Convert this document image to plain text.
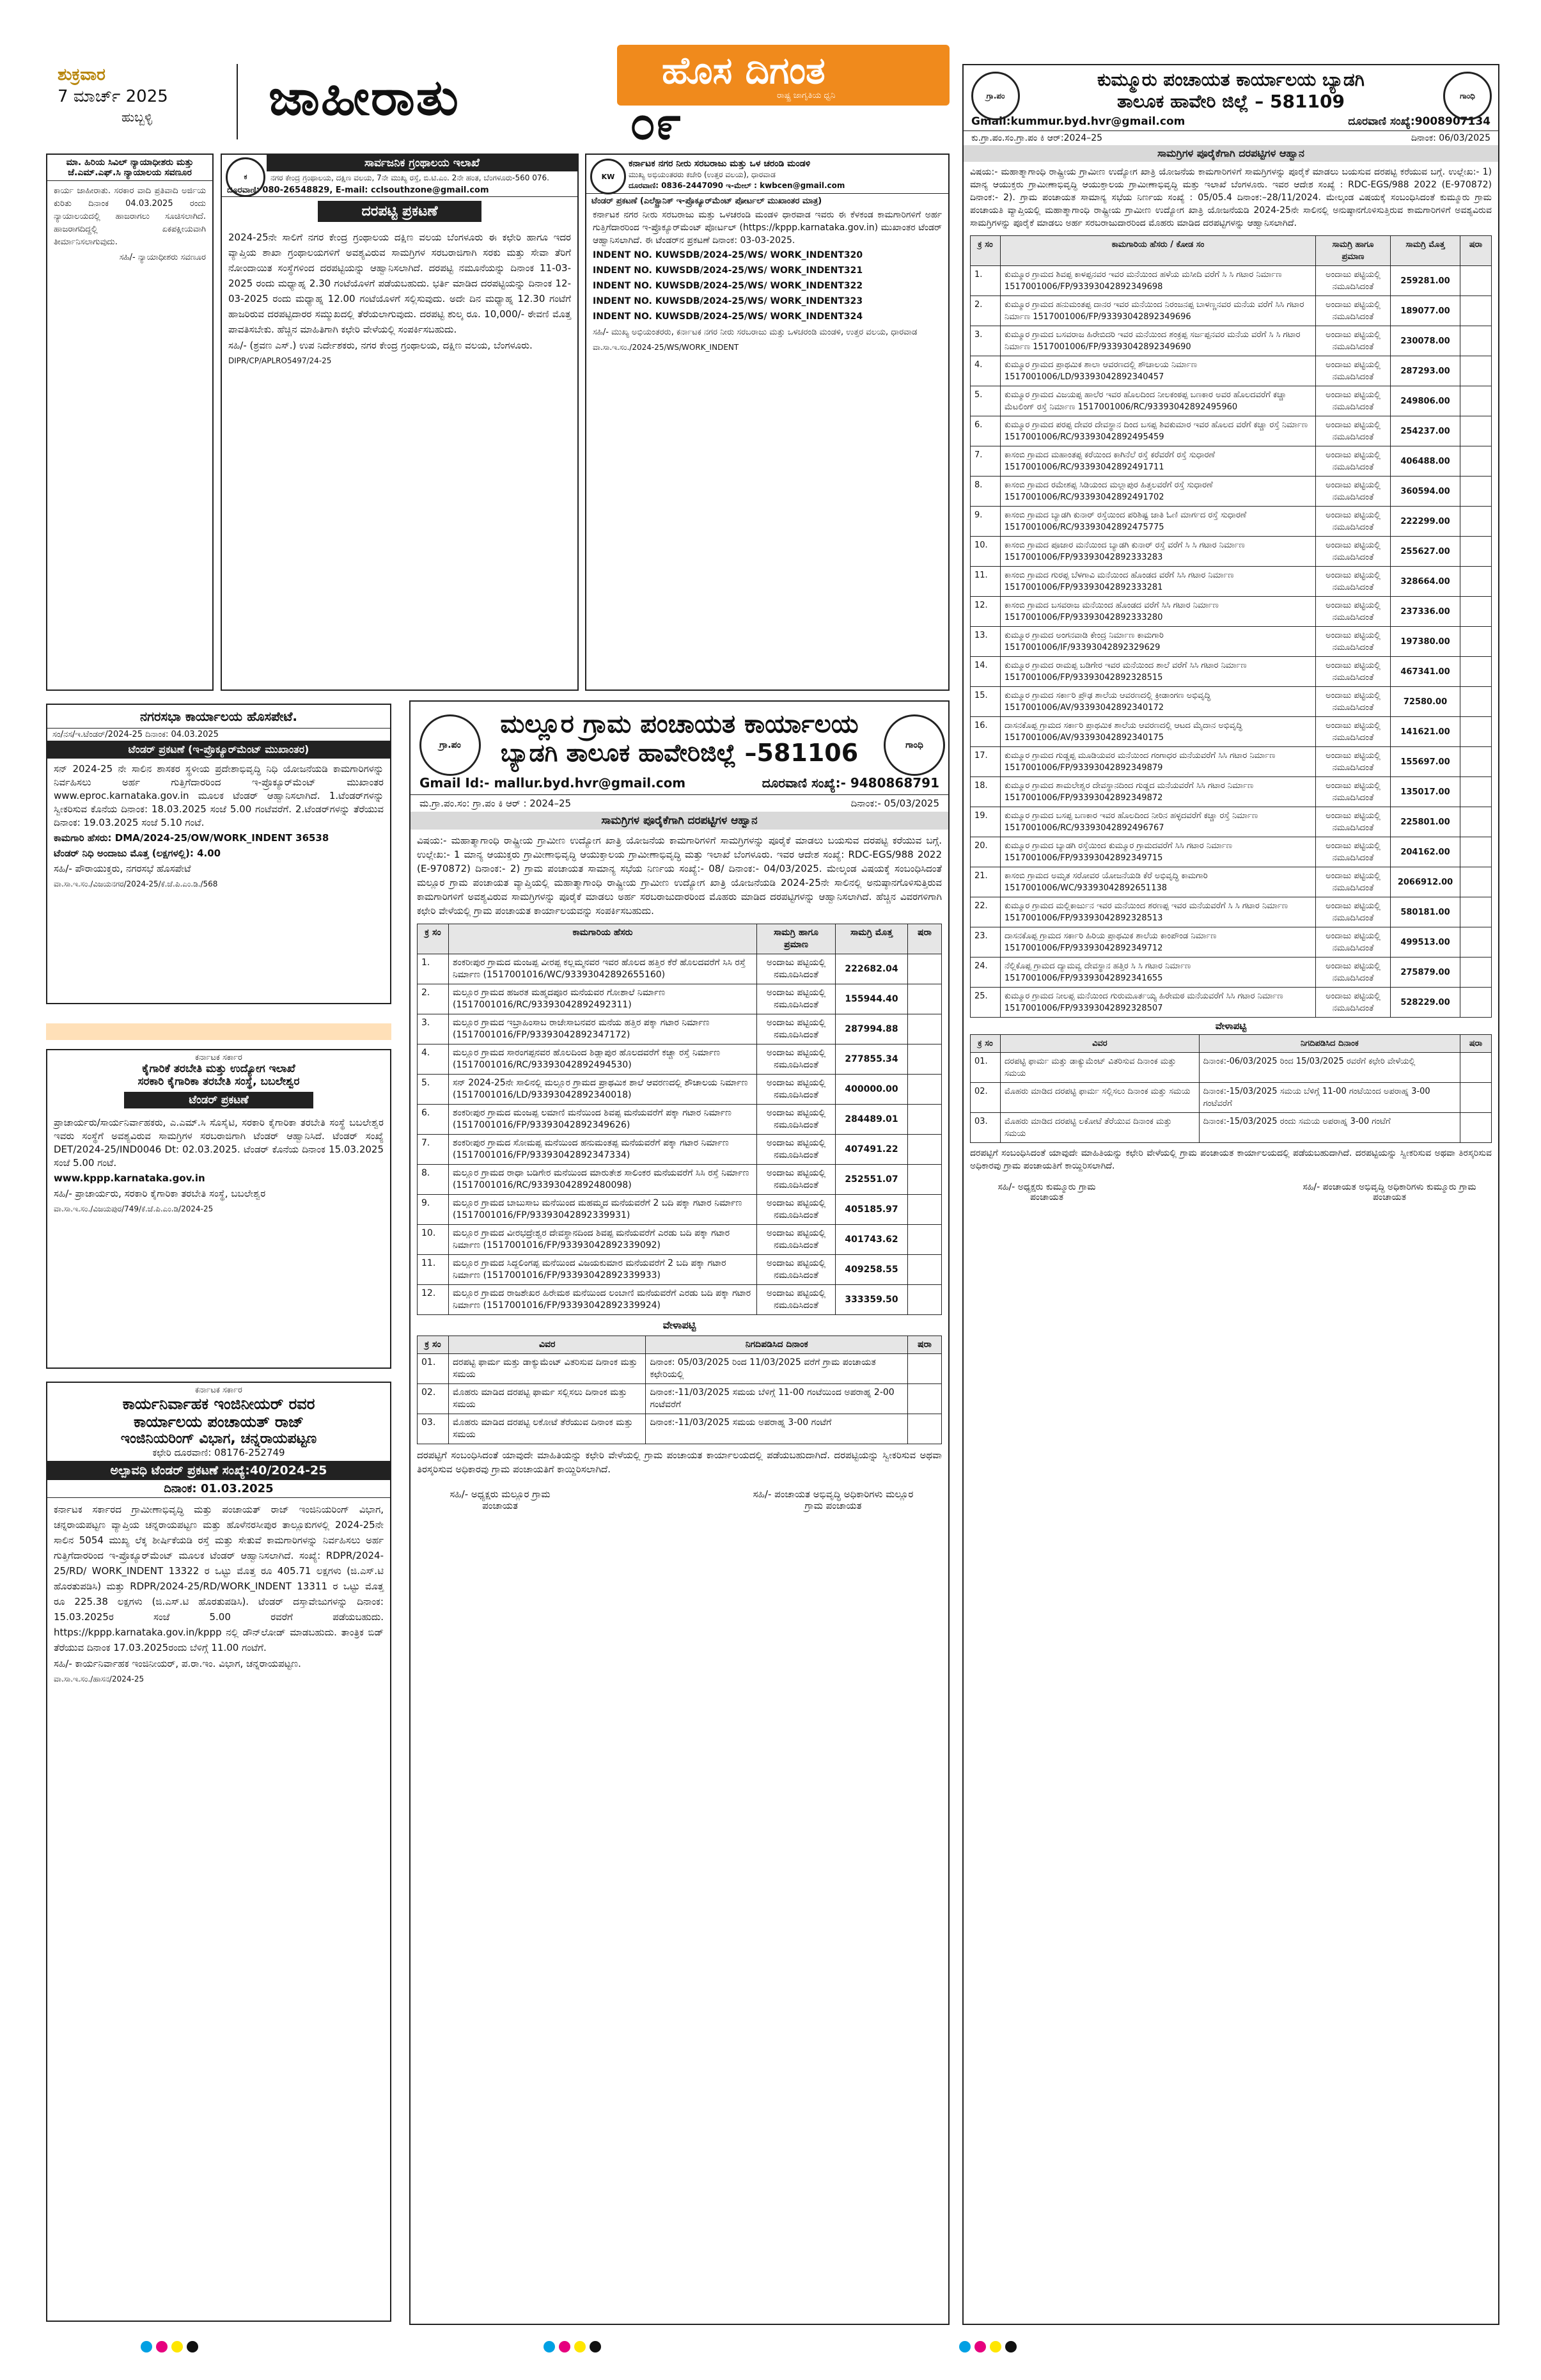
ಶುಕ್ರವಾರ
7 ಮಾರ್ಚ್ 2025
ಹುಬ್ಬಳ್ಳಿ	ಜಾಹೀರಾತು	ಹೊಸ ದಿಗಂತ
ರಾಷ್ಟ್ರ ಜಾಗೃತಿಯ ಧ್ವನಿ
೦೯
ಮಾ. ಹಿರಿಯ ಸಿವಿಲ್ ನ್ಯಾಯಾಧೀಶರು ಮತ್ತು
ಜೆ.ಎಮ್.ಎಫ್.ಸಿ ನ್ಯಾಯಾಲಯ ಸವಣೂರ

ಕಾರ್ಯ ಜಾಹೀರಾತು. ಸರಕಾರ ವಾದಿ ಪ್ರತಿವಾದಿ ಅರ್ಜಿಯ ಕುರಿತು ದಿನಾಂಕ 04.03.2025 ರಂದು ನ್ಯಾಯಾಲಯದಲ್ಲಿ ಹಾಜರಾಗಲು ಸೂಚಿಸಲಾಗಿದೆ. ಹಾಜರಾಗದಿದ್ದಲ್ಲಿ ಏಕಪಕ್ಷೀಯವಾಗಿ ತೀರ್ಮಾನಿಸಲಾಗುವುದು.

ಸಹಿ/- ನ್ಯಾಯಾಧೀಶರು ಸವಣೂರ

ನಗರಸಭಾ ಕಾರ್ಯಾಲಯ ಹೊಸಪೇಟೆ.
ಸಂ/ನಸ/ಇ.ಟೆಂಡರ್/2024-25 ದಿನಾಂಕ: 04.03.2025
ಟೆಂಡರ್ ಪ್ರಕಟಣೆ (ಇ-ಪ್ರೊಕ್ಯೂರ್‌ಮೆಂಟ್ ಮುಖಾಂತರ)

ಸನ್ 2024-25 ನೇ ಸಾಲಿನ ಶಾಸಕರ ಸ್ಥಳೀಯ ಪ್ರದೇಶಾಭಿವೃದ್ಧಿ ನಿಧಿ ಯೋಜನೆಯಡಿ ಕಾಮಗಾರಿಗಳನ್ನು ನಿರ್ವಹಿಸಲು ಅರ್ಹ ಗುತ್ತಿಗೆದಾರರಿಂದ ಇ-ಪ್ರೊಕ್ಯೂರ್‌ಮೆಂಟ್ ಮುಖಾಂತರ www.eproc.karnataka.gov.in ಮೂಲಕ ಟೆಂಡರ್ ಆಹ್ವಾನಿಸಲಾಗಿದೆ. 1.ಟೆಂಡರ್‌ಗಳನ್ನು ಸ್ವೀಕರಿಸುವ ಕೊನೆಯ ದಿನಾಂಕ: 18.03.2025 ಸಂಜೆ 5.00 ಗಂಟೆವರೆಗೆ. 2.ಟೆಂಡರ್‌ಗಳನ್ನು ತೆರೆಯುವ ದಿನಾಂಕ: 19.03.2025 ಸಂಜೆ 5.10 ಗಂಟೆ.

ಕಾಮಗಾರಿ ಹೆಸರು: DMA/2024-25/OW/WORK_INDENT 36538

ಟೆಂಡರ್ ನಿಧಿ ಅಂದಾಜು ಮೊತ್ತ (ಲಕ್ಷಗಳಲ್ಲಿ): 4.00

ಸಹಿ/- ಪೌರಾಯುಕ್ತರು, ನಗರಸಭೆ ಹೊಸಪೇಟೆ

ವಾ.ಸಾ.ಇ.ಸಂ./ವಿಜಯನಗರ/2024-25/ಕೆ.ಜೆ.ಪಿ.ಎಂ.ಡಿ./568

ಕರ್ನಾಟಕ ಸರ್ಕಾರ
ಕೈಗಾರಿಕೆ ತರಬೇತಿ ಮತ್ತು ಉದ್ಯೋಗ ಇಲಾಖೆ
ಸರಕಾರಿ ಕೈಗಾರಿಕಾ ತರಬೇತಿ ಸಂಸ್ಥೆ, ಬಬಲೇಶ್ವರ
ಟೆಂಡರ್ ಪ್ರಕಟಣೆ

ಪ್ರಾಚಾರ್ಯರು/ಸಾರ್ಯನಿರ್ವಾಹಕರು, ಎ.ಎಮ್.ಸಿ ಸೊಸೈಟಿ, ಸರಕಾರಿ ಕೈಗಾರಿಕಾ ತರಬೇತಿ ಸಂಸ್ಥೆ ಬಬಲೇಶ್ವರ ಇವರು ಸಂಸ್ಥೆಗೆ ಅವಶ್ಯವಿರುವ ಸಾಮಗ್ರಿಗಳ ಸರಬರಾಜಿಗಾಗಿ ಟೆಂಡರ್ ಆಹ್ವಾನಿಸಿದೆ. ಟೆಂಡರ್ ಸಂಖ್ಯೆ DET/2024-25/IND0046 Dt: 02.03.2025. ಟೆಂಡರ್ ಕೊನೆಯ ದಿನಾಂಕ 15.03.2025 ಸಂಜೆ 5.00 ಗಂಟೆ.

www.kppp.karnataka.gov.in

ಸಹಿ/- ಪ್ರಾಚಾರ್ಯರು, ಸರಕಾರಿ ಕೈಗಾರಿಕಾ ತರಬೇತಿ ಸಂಸ್ಥೆ, ಬಬಲೇಶ್ವರ

ವಾ.ಸಾ.ಇ.ಸಂ./ವಿಜಯಪುರ/749/ಕೆ.ಜೆ.ಪಿ.ಎಂ.ಡಿ/2024-25

ಕರ್ನಾಟಕ ಸರ್ಕಾರ
ಕಾರ್ಯನಿರ್ವಾಹಕ ಇಂಜಿನೀಯರ್ ರವರ
ಕಾರ್ಯಾಲಯ ಪಂಚಾಯತ್ ರಾಜ್
ಇಂಜಿನಿಯರಿಂಗ್ ವಿಭಾಗ, ಚನ್ನರಾಯಪಟ್ಟಣ
ಕಛೇರಿ ದೂರವಾಣಿ: 08176-252749
ಅಲ್ಪಾವಧಿ ಟೆಂಡರ್ ಪ್ರಕಟಣೆ ಸಂಖ್ಯೆ:40/2024-25
ದಿನಾಂಕ: 01.03.2025

ಕರ್ನಾಟಕ ಸರ್ಕಾರದ ಗ್ರಾಮೀಣಾಭಿವೃದ್ಧಿ ಮತ್ತು ಪಂಚಾಯತ್ ರಾಜ್ ಇಂಜಿನಿಯರಿಂಗ್ ವಿಭಾಗ, ಚನ್ನರಾಯಪಟ್ಟಣ ವ್ಯಾಪ್ತಿಯ ಚನ್ನರಾಯಪಟ್ಟಣ ಮತ್ತು ಹೊಳೆನರಸೀಪುರ ತಾಲ್ಲೂಕುಗಳಲ್ಲಿ 2024-25ನೇ ಸಾಲಿನ 5054 ಮುಖ್ಯ ಲೆಕ್ಕ ಶೀರ್ಷಿಕೆಯಡಿ ರಸ್ತೆ ಮತ್ತು ಸೇತುವೆ ಕಾಮಗಾರಿಗಳನ್ನು ನಿರ್ವಹಿಸಲು ಅರ್ಹ ಗುತ್ತಿಗೆದಾರರಿಂದ ಇ-ಪ್ರೊಕ್ಯೂರ್‌ಮೆಂಟ್ ಮೂಲಕ ಟೆಂಡರ್ ಆಹ್ವಾನಿಸಲಾಗಿದೆ. ಸಂಖ್ಯೆ: RDPR/2024-25/RD/ WORK_INDENT 13322 ರ ಒಟ್ಟು ಮೊತ್ತ ರೂ 405.71 ಲಕ್ಷಗಳು (ಜಿ.ಎಸ್.ಟಿ ಹೊರತುಪಡಿಸಿ) ಮತ್ತು RDPR/2024-25/RD/WORK_INDENT 13311 ರ ಒಟ್ಟು ಮೊತ್ತ ರೂ 225.38 ಲಕ್ಷಗಳು (ಜಿ.ಎಸ್.ಟಿ ಹೊರತುಪಡಿಸಿ). ಟೆಂಡರ್ ದಸ್ತಾವೇಜುಗಳನ್ನು ದಿನಾಂಕ: 15.03.2025ರ ಸಂಜೆ 5.00 ರವರೆಗೆ ಪಡೆಯಬಹುದು. https://kppp.karnataka.gov.in/kppp ನಲ್ಲಿ ಡೌನ್‌ಲೋಡ್ ಮಾಡಬಹುದು. ತಾಂತ್ರಿಕ ಬಿಡ್ ತೆರೆಯುವ ದಿನಾಂಕ 17.03.2025ರಂದು ಬೆಳಿಗ್ಗೆ 11.00 ಗಂಟೆಗೆ.

ಸಹಿ/- ಕಾರ್ಯನಿರ್ವಾಹಕ ಇಂಜಿನೀಯರ್, ಪ.ರಾ.ಇಂ. ವಿಭಾಗ, ಚನ್ನರಾಯಪಟ್ಟಣ.

ವಾ.ಸಾ.ಇ.ಸಂ./ಹಾಸನ/2024-25

ಸಾರ್ವಜನಿಕ ಗ್ರಂಥಾಲಯ ಇಲಾಖೆ
ಕ	ನಗರ ಕೇಂದ್ರ ಗ್ರಂಥಾಲಯ, ದಕ್ಷಿಣ ವಲಯ, 7ನೇ ಮುಖ್ಯ ರಸ್ತೆ, ಬಿ.ಟಿ.ಎಂ. 2ನೇ ಹಂತ, ಬೆಂಗಳೂರು-560 076.
ದೂರವಾಣಿ: 080-26548829, E-mail: cclsouthzone@gmail.com
ದರಪಟ್ಟಿ ಪ್ರಕಟಣೆ

2024-25ನೇ ಸಾಲಿಗೆ ನಗರ ಕೇಂದ್ರ ಗ್ರಂಥಾಲಯ ದಕ್ಷಿಣ ವಲಯ ಬೆಂಗಳೂರು ಈ ಕಛೇರಿ ಹಾಗೂ ಇದರ ವ್ಯಾಪ್ತಿಯ ಶಾಖಾ ಗ್ರಂಥಾಲಯಗಳಿಗೆ ಅವಶ್ಯವಿರುವ ಸಾಮಗ್ರಿಗಳ ಸರಬರಾಜಿಗಾಗಿ ಸರಕು ಮತ್ತು ಸೇವಾ ತೆರಿಗೆ ನೋಂದಾಯಿತ ಸಂಸ್ಥೆಗಳಿಂದ ದರಪಟ್ಟಿಯನ್ನು ಆಹ್ವಾನಿಸಲಾಗಿದೆ. ದರಪಟ್ಟಿ ನಮೂನೆಯನ್ನು ದಿನಾಂಕ 11-03-2025 ರಂದು ಮಧ್ಯಾಹ್ನ 2.30 ಗಂಟೆಯೊಳಗೆ ಪಡೆಯಬಹುದು. ಭರ್ತಿ ಮಾಡಿದ ದರಪಟ್ಟಿಯನ್ನು ದಿನಾಂಕ 12-03-2025 ರಂದು ಮಧ್ಯಾಹ್ನ 12.00 ಗಂಟೆಯೊಳಗೆ ಸಲ್ಲಿಸುವುದು. ಅದೇ ದಿನ ಮಧ್ಯಾಹ್ನ 12.30 ಗಂಟೆಗೆ ಹಾಜರಿರುವ ದರಪಟ್ಟಿದಾರರ ಸಮ್ಮುಖದಲ್ಲಿ ತೆರೆಯಲಾಗುವುದು. ದರಪಟ್ಟಿ ಶುಲ್ಕ ರೂ. 10,000/- ಠೇವಣಿ ಮೊತ್ತ ಪಾವತಿಸಬೇಕು. ಹೆಚ್ಚಿನ ಮಾಹಿತಿಗಾಗಿ ಕಛೇರಿ ವೇಳೆಯಲ್ಲಿ ಸಂಪರ್ಕಿಸಬಹುದು.

ಸಹಿ/- (ಶ್ರವಣ ಎಸ್.) ಉಪ ನಿರ್ದೇಶಕರು, ನಗರ ಕೇಂದ್ರ ಗ್ರಂಥಾಲಯ, ದಕ್ಷಿಣ ವಲಯ, ಬೆಂಗಳೂರು.

DIPR/CP/APLRO5497/24-25

KW
ಕರ್ನಾಟಕ ನಗರ ನೀರು ಸರಬರಾಜು ಮತ್ತು ಒಳ ಚರಂಡಿ ಮಂಡಳಿ
ಮುಖ್ಯ ಅಭಿಯಂತರರು ಕಚೇರಿ (ಉತ್ತರ ವಲಯ), ಧಾರವಾಡ
ದೂರವಾಣಿ: 0836-2447090 ಇ-ಮೇಲ್ : kwbcen@gmail.com
ಟೆಂಡರ್ ಪ್ರಕಟಣೆ (ಎಲೆಕ್ಟ್ರಾನಿಕ್ ಇ-ಪ್ರೊಕ್ಯೂರ್‌ಮೆಂಟ್ ಪೋರ್ಟಲ್ ಮುಖಾಂತರ ಮಾತ್ರ)

ಕರ್ನಾಟಕ ನಗರ ನೀರು ಸರಬರಾಜು ಮತ್ತು ಒಳಚರಂಡಿ ಮಂಡಳಿ ಧಾರವಾಡ ಇವರು ಈ ಕೆಳಕಂಡ ಕಾಮಗಾರಿಗಳಿಗೆ ಅರ್ಹ ಗುತ್ತಿಗೆದಾರರಿಂದ ಇ-ಪ್ರೊಕ್ಯೂರ್‌ಮೆಂಟ್ ಪೋರ್ಟಲ್ (https://kppp.karnataka.gov.in) ಮುಖಾಂತರ ಟೆಂಡರ್ ಆಹ್ವಾನಿಸಲಾಗಿದೆ. ಈ ಟೆಂಡರ್‌ನ ಪ್ರಕಟಣೆ ದಿನಾಂಕ: 03-03-2025.

INDENT NO. KUWSDB/2024-25/WS/ WORK_INDENT320

INDENT NO. KUWSDB/2024-25/WS/ WORK_INDENT321

INDENT NO. KUWSDB/2024-25/WS/ WORK_INDENT322

INDENT NO. KUWSDB/2024-25/WS/ WORK_INDENT323

INDENT NO. KUWSDB/2024-25/WS/ WORK_INDENT324

ಸಹಿ/- ಮುಖ್ಯ ಅಭಿಯಂತರರು, ಕರ್ನಾಟಕ ನಗರ ನೀರು ಸರಬರಾಜು ಮತ್ತು ಒಳಚರಂಡಿ ಮಂಡಳಿ, ಉತ್ತರ ವಲಯ, ಧಾರವಾಡ

ವಾ.ಸಾ.ಇ.ಸಂ./2024-25/WS/WORK_INDENT

ಗ್ರಾ.ಪಂ	ಗಾಂಧಿ
ಮಲ್ಲೂರ ಗ್ರಾಮ ಪಂಚಾಯತ ಕಾರ್ಯಾಲಯ
ಬ್ಯಾಡಗಿ ತಾಲೂಕ ಹಾವೇರಿಜಿಲ್ಲೆ –581106
Gmail Id:- mallur.byd.hvr@gmail.com	ದೂರವಾಣಿ ಸಂಖ್ಯೆ:- 9480868791
ಮ.ಗ್ರಾ.ಪಂ.ಸಂ: ಗ್ರಾ.ಪಂ ಕಿ ಆರ್ : 2024–25	ದಿನಾಂಕ:- 05/03/2025
ಸಾಮಗ್ರಿಗಳ ಪೂರೈಕೆಗಾಗಿ ದರಪಟ್ಟಿಗಳ ಆಹ್ವಾನ

ವಿಷಯ:- ಮಹಾತ್ಮಾಗಾಂಧಿ ರಾಷ್ಟ್ರೀಯ ಗ್ರಾಮೀಣ ಉದ್ಯೋಗ ಖಾತ್ರಿ ಯೋಜನೆಯ ಕಾಮಗಾರಿಗಳಿಗೆ ಸಾಮಗ್ರಿಗಳನ್ನು ಪೂರೈಕೆ ಮಾಡಲು ಬಯಸುವ ದರಪಟ್ಟಿ ಕರೆಯುವ ಬಗ್ಗೆ. ಉಲ್ಲೇಖ:- 1 ಮಾನ್ಯ ಆಯುಕ್ತರು ಗ್ರಾಮೀಣಾಭಿವೃದ್ಧಿ ಆಯುಕ್ತಾಲಯ ಗ್ರಾಮೀಣಾಭಿವೃದ್ಧಿ ಮತ್ತು ಇಲಾಖೆ ಬೆಂಗಳೂರು. ಇವರ ಆದೇಶ ಸಂಖ್ಯೆ: RDC-EGS/988 2022 (E-970872) ದಿನಾಂಕ:- 2) ಗ್ರಾಮ ಪಂಚಾಯತ ಸಾಮಾನ್ಯ ಸಭೆಯ ನಿರ್ಣಯ ಸಂಖ್ಯೆ:- 08/ ದಿನಾಂಕ:- 04/03/2025. ಮೇಲ್ಕಂಡ ವಿಷಯಕ್ಕೆ ಸಂಬಂಧಿಸಿದಂತೆ ಮಲ್ಲೂರ ಗ್ರಾಮ ಪಂಚಾಯತ ವ್ಯಾಪ್ತಿಯಲ್ಲಿ ಮಹಾತ್ಮಾಗಾಂಧಿ ರಾಷ್ಟ್ರೀಯ ಗ್ರಾಮೀಣ ಉದ್ಯೋಗ ಖಾತ್ರಿ ಯೋಜನೆಯಡಿ 2024-25ನೇ ಸಾಲಿನಲ್ಲಿ ಅನುಷ್ಠಾನಗೊಳಿಸುತ್ತಿರುವ ಕಾಮಗಾರಿಗಳಿಗೆ ಅವಶ್ಯವಿರುವ ಸಾಮಗ್ರಿಗಳನ್ನು ಪೂರೈಕೆ ಮಾಡಲು ಅರ್ಹ ಸರಬರಾಜುದಾರರಿಂದ ಮೊಹರು ಮಾಡಿದ ದರಪಟ್ಟಿಗಳನ್ನು ಆಹ್ವಾನಿಸಲಾಗಿದೆ. ಹೆಚ್ಚಿನ ವಿವರಗಳಿಗಾಗಿ ಕಛೇರಿ ವೇಳೆಯಲ್ಲಿ ಗ್ರಾಮ ಪಂಚಾಯತ ಕಾರ್ಯಾಲಯವನ್ನು ಸಂಪರ್ಕಿಸಬಹುದು.

ಕ್ರ ಸಂ	ಕಾಮಗಾರಿಯ ಹೆಸರು	ಸಾಮಗ್ರಿ ಹಾಗೂ ಪ್ರಮಾಣ	ಸಾಮಗ್ರಿ ಮೊತ್ತ	ಷರಾ
1.	ಶಂಕರೀಪುರ ಗ್ರಾಮದ ಮಂಜಪ್ಪ ವೀರಪ್ಪ ಕಲ್ಲಮ್ಮನವರ ಇವರ ಹೊಲದ ಹತ್ತಿರ ಕೆರೆ ಹೊಲದವರೆಗೆ ಸಿಸಿ ರಸ್ತೆ ನಿರ್ಮಾಣ (1517001016/WC/93393042892655160)	ಅಂದಾಜು ಪಟ್ಟಿಯಲ್ಲಿ ನಮೂದಿಸಿದಂತೆ	222682.04	
2.	ಮಲ್ಲೂರ ಗ್ರಾಮದ ಹಜರತ ಮಹ್ಮದಪೂರ ಮನೆಯವರ ಗೋಶಾಲೆ ನಿರ್ಮಾಣ (1517001016/RC/93393042892492311)	ಅಂದಾಜು ಪಟ್ಟಿಯಲ್ಲಿ ನಮೂದಿಸಿದಂತೆ	155944.40	
3.	ಮಲ್ಲೂರ ಗ್ರಾಮದ ಇಬ್ರಾಹಿಂಸಾಬ ರಾಜೇಸಾಬನವರ ಮನೆಯ ಹತ್ತಿರ ಪಕ್ಕಾ ಗಟಾರ ನಿರ್ಮಾಣ (1517001016/FP/93393042892347172)	ಅಂದಾಜು ಪಟ್ಟಿಯಲ್ಲಿ ನಮೂದಿಸಿದಂತೆ	287994.88	
4.	ಮಲ್ಲೂರ ಗ್ರಾಮದ ಸಾರಂಗಪ್ಪನವರ ಹೊಲದಿಂದ ಶಿಡ್ಲಾಪುರ ಹೊಲದವರೆಗೆ ಕಚ್ಚಾ ರಸ್ತೆ ನಿರ್ಮಾಣ (1517001016/RC/93393042892494530)	ಅಂದಾಜು ಪಟ್ಟಿಯಲ್ಲಿ ನಮೂದಿಸಿದಂತೆ	277855.34	
5.	ಸನ್ 2024-25ನೇ ಸಾಲಿನಲ್ಲಿ ಮಲ್ಲೂರ ಗ್ರಾಮದ ಪ್ರಾಥಮಿಕ ಶಾಲೆ ಆವರಣದಲ್ಲಿ ಶೌಚಾಲಯ ನಿರ್ಮಾಣ (1517001016/LD/93393042892340018)	ಅಂದಾಜು ಪಟ್ಟಿಯಲ್ಲಿ ನಮೂದಿಸಿದಂತೆ	400000.00	
6.	ಶಂಕರೀಪುರ ಗ್ರಾಮದ ಮಂಜಪ್ಪ ಲಮಾಣಿ ಮನೆಯಿಂದ ಶಿವಪ್ಪ ಮನೆಯವರೆಗೆ ಪಕ್ಕಾ ಗಟಾರ ನಿರ್ಮಾಣ (1517001016/FP/93393042892349626)	ಅಂದಾಜು ಪಟ್ಟಿಯಲ್ಲಿ ನಮೂದಿಸಿದಂತೆ	284489.01	
7.	ಶಂಕರೀಪುರ ಗ್ರಾಮದ ಸೋಮಪ್ಪ ಮನೆಯಿಂದ ಹನುಮಂತಪ್ಪ ಮನೆಯವರೆಗೆ ಪಕ್ಕಾ ಗಟಾರ ನಿರ್ಮಾಣ (1517001016/FP/93393042892347334)	ಅಂದಾಜು ಪಟ್ಟಿಯಲ್ಲಿ ನಮೂದಿಸಿದಂತೆ	407491.22	
8.	ಮಲ್ಲೂರ ಗ್ರಾಮದ ರಾಧಾ ಬಡಿಗೇರ ಮನೆಯಿಂದ ಮಾರುತೇಶ ಸಾಲಿಂಕರ ಮನೆಯವರೆಗೆ ಸಿಸಿ ರಸ್ತೆ ನಿರ್ಮಾಣ (1517001016/RC/93393042892480098)	ಅಂದಾಜು ಪಟ್ಟಿಯಲ್ಲಿ ನಮೂದಿಸಿದಂತೆ	252551.07	
9.	ಮಲ್ಲೂರ ಗ್ರಾಮದ ಬಾಬುಸಾಬ ಮನೆಯಿಂದ ಮಹಮ್ಮದ ಮನೆಯವರೆಗೆ 2 ಬದಿ ಪಕ್ಕಾ ಗಟಾರ ನಿರ್ಮಾಣ (1517001016/FP/93393042892339931)	ಅಂದಾಜು ಪಟ್ಟಿಯಲ್ಲಿ ನಮೂದಿಸಿದಂತೆ	405185.97	
10.	ಮಲ್ಲೂರ ಗ್ರಾಮದ ವೀರಭದ್ರೇಶ್ವರ ದೇವಸ್ಥಾನದಿಂದ ಶಿವಪ್ಪ ಮನೆಯವರೆಗೆ ಎರಡು ಬದಿ ಪಕ್ಕಾ ಗಟಾರ ನಿರ್ಮಾಣ (1517001016/FP/93393042892339092)	ಅಂದಾಜು ಪಟ್ಟಿಯಲ್ಲಿ ನಮೂದಿಸಿದಂತೆ	401743.62	
11.	ಮಲ್ಲೂರ ಗ್ರಾಮದ ಸಿದ್ದಲಿಂಗಪ್ಪ ಮನೆಯಿಂದ ವಿಜಯಕುಮಾರ ಮನೆಯವರೆಗೆ 2 ಬದಿ ಪಕ್ಕಾ ಗಟಾರ ನಿರ್ಮಾಣ (1517001016/FP/93393042892339933)	ಅಂದಾಜು ಪಟ್ಟಿಯಲ್ಲಿ ನಮೂದಿಸಿದಂತೆ	409258.55	
12.	ಮಲ್ಲೂರ ಗ್ರಾಮದ ರಾಜಶೇಖರ ಹಿರೇಮಠ ಮನೆಯಿಂದ ಲಂಬಾಣಿ ಮನೆಯವರೆಗೆ ಎರಡು ಬದಿ ಪಕ್ಕಾ ಗಟಾರ ನಿರ್ಮಾಣ (1517001016/FP/93393042892339924)	ಅಂದಾಜು ಪಟ್ಟಿಯಲ್ಲಿ ನಮೂದಿಸಿದಂತೆ	333359.50	
ವೇಳಾಪಟ್ಟಿ
ಕ್ರ ಸಂ	ವಿವರ	ನಿಗದಿಪಡಿಸಿದ ದಿನಾಂಕ	ಷರಾ
01.	ದರಪಟ್ಟಿ ಫಾರ್ಮ ಮತ್ತು ಡಾಕ್ಯುಮೆಂಟ್ ವಿತರಿಸುವ ದಿನಾಂಕ ಮತ್ತು ಸಮಯ	ದಿನಾಂಕ: 05/03/2025 ರಿಂದ 11/03/2025 ವರೆಗೆ ಗ್ರಾಮ ಪಂಚಾಯತ ಕಛೇರಿಯಲ್ಲಿ	
02.	ಮೊಹರು ಮಾಡಿದ ದರಪಟ್ಟಿ ಫಾರ್ಮ ಸಲ್ಲಿಸಲು ದಿನಾಂಕ ಮತ್ತು ಸಮಯ	ದಿನಾಂಕ:-11/03/2025 ಸಮಯ ಬೆಳಿಗ್ಗೆ 11-00 ಗಂಟೆಯಿಂದ ಅಪರಾಹ್ನ 2-00 ಗಂಟೆವರೆಗೆ	
03.	ಮೊಹರು ಮಾಡಿದ ದರಪಟ್ಟಿ ಲಕೋಟೆ ತೆರೆಯುವ ದಿನಾಂಕ ಮತ್ತು ಸಮಯ	ದಿನಾಂಕ:-11/03/2025 ಸಮಯ ಅಪರಾಹ್ನ 3-00 ಗಂಟೆಗೆ	

ದರಪಟ್ಟಿಗೆ ಸಂಬಂಧಿಸಿದಂತೆ ಯಾವುದೇ ಮಾಹಿತಿಯನ್ನು ಕಛೇರಿ ವೇಳೆಯಲ್ಲಿ ಗ್ರಾಮ ಪಂಚಾಯತ ಕಾರ್ಯಾಲಯದಲ್ಲಿ ಪಡೆಯಬಹುದಾಗಿದೆ. ದರಪಟ್ಟಿಯನ್ನು ಸ್ವೀಕರಿಸುವ ಅಥವಾ ತಿರಸ್ಕರಿಸುವ ಅಧಿಕಾರವು ಗ್ರಾಮ ಪಂಚಾಯತಿಗೆ ಕಾಯ್ದಿರಿಸಲಾಗಿದೆ.

ಸಹಿ/- ಅಧ್ಯಕ್ಷರು ಮಲ್ಲೂರ ಗ್ರಾಮ ಪಂಚಾಯತ
ಸಹಿ/- ಪಂಚಾಯತ ಅಭಿವೃದ್ಧಿ ಅಧಿಕಾರಿಗಳು ಮಲ್ಲೂರ ಗ್ರಾಮ ಪಂಚಾಯತ
ಗ್ರಾ.ಪಂ	ಗಾಂಧಿ
ಕುಮ್ಮೂರು ಪಂಚಾಯತ ಕಾರ್ಯಾಲಯ ಬ್ಯಾಡಗಿ
ತಾಲೂಕ ಹಾವೇರಿ ಜಿಲ್ಲೆ – 581109
Gmail:kummur.byd.hvr@gmail.com	ದೂರವಾಣಿ ಸಂಖ್ಯೆ:9008907134
ಕು.ಗ್ರಾ.ಪಂ.ಸಂ.ಗ್ರಾ.ಪಂ ಕಿ ಆರ್:2024–25	ದಿನಾಂಕ: 06/03/2025
ಸಾಮಗ್ರಿಗಳ ಪೂರೈಕೆಗಾಗಿ ದರಪಟ್ಟಿಗಳ ಆಹ್ವಾನ

ವಿಷಯ:- ಮಹಾತ್ಮಾಗಾಂಧಿ ರಾಷ್ಟ್ರೀಯ ಗ್ರಾಮೀಣ ಉದ್ಯೋಗ ಖಾತ್ರಿ ಯೋಜನೆಯ ಕಾಮಗಾರಿಗಳಿಗೆ ಸಾಮಗ್ರಿಗಳನ್ನು ಪೂರೈಕೆ ಮಾಡಲು ಬಯಸುವ ದರಪಟ್ಟಿ ಕರೆಯುವ ಬಗ್ಗೆ. ಉಲ್ಲೇಖ:- 1) ಮಾನ್ಯ ಆಯುಕ್ತರು ಗ್ರಾಮೀಣಾಭಿವೃದ್ಧಿ ಆಯುಕ್ತಾಲಯ ಗ್ರಾಮೀಣಾಭಿವೃದ್ಧಿ ಮತ್ತು ಇಲಾಖೆ ಬೆಂಗಳೂರು. ಇವರ ಆದೇಶ ಸಂಖ್ಯೆ : RDC-EGS/988 2022 (E-970872) ದಿನಾಂಕ:- 2). ಗ್ರಾಮ ಪಂಚಾಯತ ಸಾಮಾನ್ಯ ಸಭೆಯ ನಿರ್ಣಯ ಸಂಖ್ಯೆ : 05/05.4 ದಿನಾಂಕ:–28/11/2024. ಮೇಲ್ಕಂಡ ವಿಷಯಕ್ಕೆ ಸಂಬಂಧಿಸಿದಂತೆ ಕುಮ್ಮೂರು ಗ್ರಾಮ ಪಂಚಾಯತಿ ವ್ಯಾಪ್ತಿಯಲ್ಲಿ ಮಹಾತ್ಮಾಗಾಂಧಿ ರಾಷ್ಟ್ರೀಯ ಗ್ರಾಮೀಣ ಉದ್ಯೋಗ ಖಾತ್ರಿ ಯೋಜನೆಯಡಿ 2024-25ನೇ ಸಾಲಿನಲ್ಲಿ ಅನುಷ್ಠಾನಗೊಳಿಸುತ್ತಿರುವ ಕಾಮಗಾರಿಗಳಿಗೆ ಅವಶ್ಯವಿರುವ ಸಾಮಗ್ರಿಗಳನ್ನು ಪೂರೈಕೆ ಮಾಡಲು ಅರ್ಹ ಸರಬರಾಜುದಾರರಿಂದ ಮೊಹರು ಮಾಡಿದ ದರಪಟ್ಟಿಗಳನ್ನು ಆಹ್ವಾನಿಸಲಾಗಿದೆ.

ಕ್ರ ಸಂ	ಕಾಮಗಾರಿಯ ಹೆಸರು / ಕೋಡ ಸಂ	ಸಾಮಗ್ರಿ ಹಾಗೂ ಪ್ರಮಾಣ	ಸಾಮಗ್ರಿ ಮೊತ್ತ	ಷರಾ
1.	ಕುಮ್ಮೂರ ಗ್ರಾಮದ ಶಿವಪ್ಪ ಕಾಳಪ್ಪನವರ ಇವರ ಮನೆಯಿಂದ ಹಳೆಯ ಮಸೀದಿ ವರೆಗೆ ಸಿ ಸಿ ಗಟಾರ ನಿರ್ಮಾಣ 1517001006/FP/93393042892349698	ಅಂದಾಜು ಪಟ್ಟಿಯಲ್ಲಿ ನಮೂದಿಸಿದಂತೆ	259281.00	
2.	ಕುಮ್ಮೂರ ಗ್ರಾಮದ ಹನುಮಂತಪ್ಪ ದಾನರ ಇವರ ಮನೆಯಿಂದ ನಿರಂಜನಪ್ಪ ಬಾಳಣ್ಣನವರ ಮನೆಯ ವರೆಗೆ ಸಿಸಿ ಗಟಾರ ನಿರ್ಮಾಣ 1517001006/FP/93393042892349696	ಅಂದಾಜು ಪಟ್ಟಿಯಲ್ಲಿ ನಮೂದಿಸಿದಂತೆ	189077.00	
3.	ಕುಮ್ಮೂರ ಗ್ರಾಮದ ಬಸವರಾಜ ಹಿರೇಬಿದರಿ ಇವರ ಮನೆಯಿಂದ ಶಂಕ್ರಪ್ಪ ಸರ್ಜಪ್ಪನವರ ಮನೆಯ ವರೆಗೆ ಸಿ ಸಿ ಗಟಾರ ನಿರ್ಮಾಣ 1517001006/FP/93393042892349690	ಅಂದಾಜು ಪಟ್ಟಿಯಲ್ಲಿ ನಮೂದಿಸಿದಂತೆ	230078.00	
4.	ಕುಮ್ಮೂರ ಗ್ರಾಮದ ಪ್ರಾಥಮಿಕ ಶಾಲಾ ಆವರಣದಲ್ಲಿ ಶೌಚಾಲಯ ನಿರ್ಮಾಣ 1517001006/LD/93393042892340457	ಅಂದಾಜು ಪಟ್ಟಿಯಲ್ಲಿ ನಮೂದಿಸಿದಂತೆ	287293.00	
5.	ಕುಮ್ಮೂರ ಗ್ರಾಮದ ವಿಜಯಪ್ಪ ಹಾಲೆರ ಇವರ ಹೊಲದಿಂದ ನೀಲಕಂಠಪ್ಪ ಬಣಕಾರ ಅವರ ಹೊಲದವರೆಗೆ ಕಚ್ಚಾ ಮೆಟಲಿಂಗ್ ರಸ್ತೆ ನಿರ್ಮಾಣ 1517001006/RC/93393042892495960	ಅಂದಾಜು ಪಟ್ಟಿಯಲ್ಲಿ ನಮೂದಿಸಿದಂತೆ	249806.00	
6.	ಕುಮ್ಮೂರ ಗ್ರಾಮದ ಪರಪ್ಪ ದೇವರ ದೇವಸ್ಥಾನ ದಿಂದ ಬಸಪ್ಪ ಶಿವಕುಮಾರ ಇವರ ಹೊಲದ ವರೆಗೆ ಕಚ್ಚಾ ರಸ್ತೆ ನಿರ್ಮಾಣ 1517001006/RC/93393042892495459	ಅಂದಾಜು ಪಟ್ಟಿಯಲ್ಲಿ ನಮೂದಿಸಿದಂತೆ	254237.00	
7.	ಕಾಸಂಬಿ ಗ್ರಾಮದ ಮಹಾಂತಪ್ಪ ಕರೆಯಿಂದ ಕಾಗಿನೆಲೆ ರಸ್ತೆ ಕರೆವರೆಗೆ ರಸ್ತೆ ಸುಧಾರಣೆ 1517001006/RC/93393042892491711	ಅಂದಾಜು ಪಟ್ಟಿಯಲ್ಲಿ ನಮೂದಿಸಿದಂತೆ	406488.00	
8.	ಕಾಸಂಬಿ ಗ್ರಾಮದ ರಮೇಶಪ್ಪ ಸಿಡಿಯಂದ ಮಲ್ಲಾಪುರ ಹಿತ್ತಲವರೆಗೆ ರಸ್ತೆ ಸುಧಾರಣೆ 1517001006/RC/93393042892491702	ಅಂದಾಜು ಪಟ್ಟಿಯಲ್ಲಿ ನಮೂದಿಸಿದಂತೆ	360594.00	
9.	ಕಾಸಂಬಿ ಗ್ರಾಮದ ಬ್ಯಾಡಗಿ ಕುನಾರ್ ರಸ್ತೆಯಿಂದ ಪರಿಶಿಷ್ಟ ಜಾತಿ ಓಣಿ ಮಾರ್ಗದ ರಸ್ತೆ ಸುಧಾರಣೆ 1517001006/RC/93393042892475775	ಅಂದಾಜು ಪಟ್ಟಿಯಲ್ಲಿ ನಮೂದಿಸಿದಂತೆ	222299.00	
10.	ಕಾಸಂಬಿ ಗ್ರಾಮದ ಪೂಜಾರ ಮನೆಯಿಂದ ಬ್ಯಾಡಗಿ ಕುನಾರ್ ರಸ್ತೆ ವರೆಗೆ ಸಿ ಸಿ ಗಟಾರ ನಿರ್ಮಾಣ 1517001006/FP/93393042892333283	ಅಂದಾಜು ಪಟ್ಟಿಯಲ್ಲಿ ನಮೂದಿಸಿದಂತೆ	255627.00	
11.	ಕಾಸಂಬಿ ಗ್ರಾಮದ ಗುರಪ್ಪ ಬೆಳಗಾವಿ ಮನೆಯಿಂದ ಹೊಂಡದ ವರೆಗೆ ಸಿಸಿ ಗಟಾರ ನಿರ್ಮಾಣ 1517001006/FP/93393042892333281	ಅಂದಾಜು ಪಟ್ಟಿಯಲ್ಲಿ ನಮೂದಿಸಿದಂತೆ	328664.00	
12.	ಕಾಸಂಬಿ ಗ್ರಾಮದ ಬಸವರಾಜ ಮನೆಯಿಂದ ಹೊಂಡದ ವರೆಗೆ ಸಿಸಿ ಗಟಾರ ನಿರ್ಮಾಣ 1517001006/FP/93393042892333280	ಅಂದಾಜು ಪಟ್ಟಿಯಲ್ಲಿ ನಮೂದಿಸಿದಂತೆ	237336.00	
13.	ಕುಮ್ಮೂರ ಗ್ರಾಮದ ಅಂಗನವಾಡಿ ಕೇಂದ್ರ ನಿರ್ಮಾಣ ಕಾಮಗಾರಿ 1517001006/IF/93393042892329629	ಅಂದಾಜು ಪಟ್ಟಿಯಲ್ಲಿ ನಮೂದಿಸಿದಂತೆ	197380.00	
14.	ಕುಮ್ಮೂರ ಗ್ರಾಮದ ರಾಮಪ್ಪ ಬಡಿಗೇರ ಇವರ ಮನೆಯಿಂದ ಶಾಲೆ ವರೆಗೆ ಸಿಸಿ ಗಟಾರ ನಿರ್ಮಾಣ 1517001006/FP/93393042892328515	ಅಂದಾಜು ಪಟ್ಟಿಯಲ್ಲಿ ನಮೂದಿಸಿದಂತೆ	467341.00	
15.	ಕುಮ್ಮೂರ ಗ್ರಾಮದ ಸರ್ಕಾರಿ ಪ್ರೌಢ ಶಾಲೆಯ ಆವರಣದಲ್ಲಿ ಕ್ರೀಡಾಂಗಣ ಅಭಿವೃದ್ಧಿ 1517001006/AV/93393042892340172	ಅಂದಾಜು ಪಟ್ಟಿಯಲ್ಲಿ ನಮೂದಿಸಿದಂತೆ	72580.00	
16.	ದಾಸನಕೊಪ್ಪ ಗ್ರಾಮದ ಸರ್ಕಾರಿ ಪ್ರಾಥಮಿಕ ಶಾಲೆಯ ಆವರಣದಲ್ಲಿ ಆಟದ ಮೈದಾನ ಅಭಿವೃದ್ಧಿ 1517001006/AV/93393042892340175	ಅಂದಾಜು ಪಟ್ಟಿಯಲ್ಲಿ ನಮೂದಿಸಿದಂತೆ	141621.00	
17.	ಕುಮ್ಮೂರ ಗ್ರಾಮದ ಗುಡ್ಡಪ್ಪ ಮೂಡಿಯವರ ಮನೆಯಿಂದ ಗಂಗಾಧರ ಮನೆಯವರೆಗೆ ಸಿಸಿ ಗಟಾರ ನಿರ್ಮಾಣ 1517001006/FP/93393042892349879	ಅಂದಾಜು ಪಟ್ಟಿಯಲ್ಲಿ ನಮೂದಿಸಿದಂತೆ	155697.00	
18.	ಕುಮ್ಮೂರ ಗ್ರಾಮದ ಶಾಮಲೇಶ್ವರ ದೇವಸ್ಥಾನದಿಂದ ಗುಡ್ಡದ ಮನೆಯವರೆಗೆ ಸಿಸಿ ಗಟಾರ ನಿರ್ಮಾಣ 1517001006/FP/93393042892349872	ಅಂದಾಜು ಪಟ್ಟಿಯಲ್ಲಿ ನಮೂದಿಸಿದಂತೆ	135017.00	
19.	ಕುಮ್ಮೂರ ಗ್ರಾಮದ ಬಸಪ್ಪ ಬಣಕಾರ ಇವರ ಹೊಲದಿಂದ ನೀರಿನ ಹಳ್ಳದವರೆಗೆ ಕಚ್ಚಾ ರಸ್ತೆ ನಿರ್ಮಾಣ 1517001006/RC/93393042892496767	ಅಂದಾಜು ಪಟ್ಟಿಯಲ್ಲಿ ನಮೂದಿಸಿದಂತೆ	225801.00	
20.	ಕುಮ್ಮೂರ ಗ್ರಾಮದ ಬ್ಯಾಡಗಿ ರಸ್ತೆಯಿಂದ ಕುಮ್ಮೂರ ಗ್ರಾಮದವರೆಗೆ ಸಿಸಿ ಗಟಾರ ನಿರ್ಮಾಣ 1517001006/FP/93393042892349715	ಅಂದಾಜು ಪಟ್ಟಿಯಲ್ಲಿ ನಮೂದಿಸಿದಂತೆ	204162.00	
21.	ಕಾಸಂಬಿ ಗ್ರಾಮದ ಅಮೃತ ಸರೋವರ ಯೋಜನೆಯಡಿ ಕೆರೆ ಅಭಿವೃದ್ಧಿ ಕಾಮಗಾರಿ 1517001006/WC/93393042892651138	ಅಂದಾಜು ಪಟ್ಟಿಯಲ್ಲಿ ನಮೂದಿಸಿದಂತೆ	2066912.00	
22.	ಕುಮ್ಮೂರ ಗ್ರಾಮದ ಮಲ್ಲಿಕಾರ್ಜುನ ಇವರ ಮನೆಯಿಂದ ಶರಣಪ್ಪ ಇವರ ಮನೆಯವರೆಗೆ ಸಿ ಸಿ ಗಟಾರ ನಿರ್ಮಾಣ 1517001006/FP/93393042892328513	ಅಂದಾಜು ಪಟ್ಟಿಯಲ್ಲಿ ನಮೂದಿಸಿದಂತೆ	580181.00	
23.	ದಾಸನಕೊಪ್ಪ ಗ್ರಾಮದ ಸರ್ಕಾರಿ ಹಿರಿಯ ಪ್ರಾಥಮಿಕ ಶಾಲೆಯ ಕಾಂಪೌಂಡ ನಿರ್ಮಾಣ 1517001006/FP/93393042892349712	ಅಂದಾಜು ಪಟ್ಟಿಯಲ್ಲಿ ನಮೂದಿಸಿದಂತೆ	499513.00	
24.	ನೆಲ್ಲಿಕೊಪ್ಪ ಗ್ರಾಮದ ದ್ಯಾಮವ್ವ ದೇವಸ್ಥಾನ ಹತ್ತಿರ ಸಿ ಸಿ ಗಟಾರ ನಿರ್ಮಾಣ 1517001006/FP/93393042892341655	ಅಂದಾಜು ಪಟ್ಟಿಯಲ್ಲಿ ನಮೂದಿಸಿದಂತೆ	275879.00	
25.	ಕುಮ್ಮೂರ ಗ್ರಾಮದ ನೀಲಪ್ಪ ಮನೆಯಿಂದ ಗುರುಮೂರ್ತಯ್ಯ ಹಿರೇಮಠ ಮನೆಯವರೆಗೆ ಸಿಸಿ ಗಟಾರ ನಿರ್ಮಾಣ 1517001006/FP/93393042892328507	ಅಂದಾಜು ಪಟ್ಟಿಯಲ್ಲಿ ನಮೂದಿಸಿದಂತೆ	528229.00	
ವೇಳಾಪಟ್ಟಿ
ಕ್ರ ಸಂ	ವಿವರ	ನಿಗದಿಪಡಿಸಿದ ದಿನಾಂಕ	ಷರಾ
01.	ದರಪಟ್ಟಿ ಫಾರ್ಮ ಮತ್ತು ಡಾಕ್ಯುಮೆಂಟ್ ವಿತರಿಸುವ ದಿನಾಂಕ ಮತ್ತು ಸಮಯ	ದಿನಾಂಕ:-06/03/2025 ರಿಂದ 15/03/2025 ರವರೆಗೆ ಕಛೇರಿ ವೇಳೆಯಲ್ಲಿ	
02.	ಮೊಹರು ಮಾಡಿದ ದರಪಟ್ಟಿ ಫಾರ್ಮ ಸಲ್ಲಿಸಲು ದಿನಾಂಕ ಮತ್ತು ಸಮಯ	ದಿನಾಂಕ:-15/03/2025 ಸಮಯ ಬೆಳಿಗ್ಗೆ 11-00 ಗಂಟೆಯಿಂದ ಅಪರಾಹ್ನ 3-00 ಗಂಟೆವರೆಗೆ	
03.	ಮೊಹರು ಮಾಡಿದ ದರಪಟ್ಟಿ ಲಕೋಟೆ ತೆರೆಯುವ ದಿನಾಂಕ ಮತ್ತು ಸಮಯ	ದಿನಾಂಕ:-15/03/2025 ರಂದು ಸಮಯ ಅಪರಾಹ್ನ 3-00 ಗಂಟೆಗೆ	

ದರಪಟ್ಟಿಗೆ ಸಂಬಂಧಿಸಿದಂತೆ ಯಾವುದೇ ಮಾಹಿತಿಯನ್ನು ಕಛೇರಿ ವೇಳೆಯಲ್ಲಿ ಗ್ರಾಮ ಪಂಚಾಯತ ಕಾರ್ಯಾಲಯದಲ್ಲಿ ಪಡೆಯಬಹುದಾಗಿದೆ. ದರಪಟ್ಟಿಯನ್ನು ಸ್ವೀಕರಿಸುವ ಅಥವಾ ತಿರಸ್ಕರಿಸುವ ಅಧಿಕಾರವು ಗ್ರಾಮ ಪಂಚಾಯತಿಗೆ ಕಾಯ್ದಿರಿಸಲಾಗಿದೆ.

ಸಹಿ/- ಅಧ್ಯಕ್ಷರು ಕುಮ್ಮೂರು ಗ್ರಾಮ ಪಂಚಾಯತ
ಸಹಿ/- ಪಂಚಾಯತ ಅಭಿವೃದ್ಧಿ ಅಧಿಕಾರಿಗಳು ಕುಮ್ಮೂರು ಗ್ರಾಮ ಪಂಚಾಯತ
